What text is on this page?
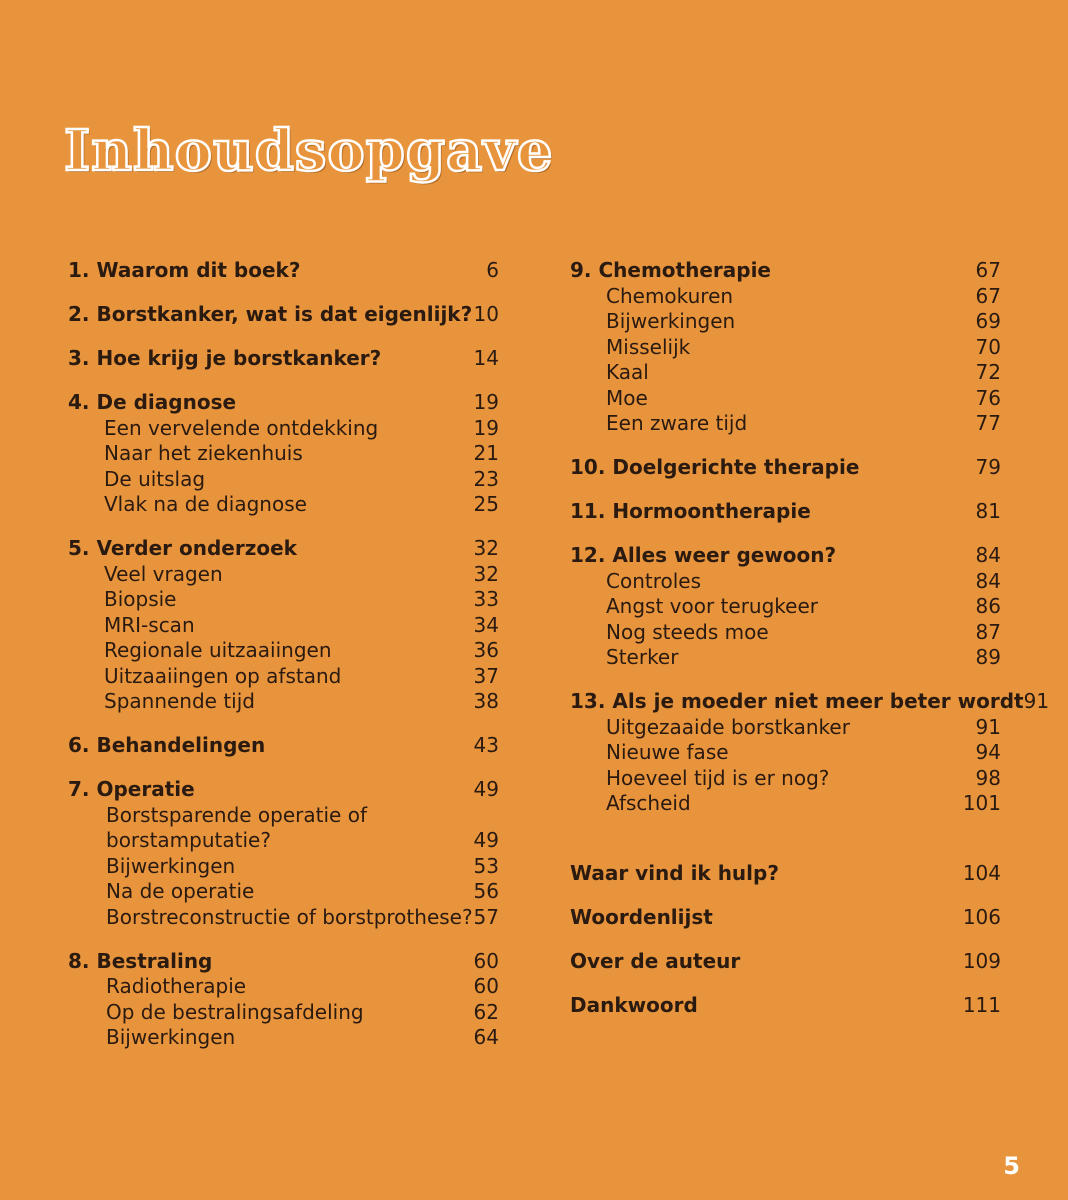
Inhoudsopgave
1. Waarom dit boek?	6
2. Borstkanker, wat is dat eigenlijk? 10
3. Hoe krijg je borstkanker?	14
4. De diagnose	19
Een vervelende ontdekking	19
Naar het ziekenhuis	21
De uitslag	23
Vlak na de diagnose	25
5. Verder onderzoek	32
Veel vragen	32
Biopsie	33
MRI-scan	34
Regionale uitzaaiingen	36
Uitzaaiingen op afstand	37
Spannende tijd	38
6. Behandelingen	43
7. Operatie	49
Borstsparende operatie of
borstamputatie?	49
Bijwerkingen	53
Na de operatie	56
Borstreconstructie of borstprothese? 57
8. Bestraling	60
Radiotherapie	60
Op de bestralingsafdeling	62
Bijwerkingen	64
9. Chemotherapie	67
Chemokuren	67
Bijwerkingen	69
Misselijk	70
Kaal	72
Moe	76
Een zware tijd	77
10. Doelgerichte therapie	79
11. Hormoontherapie	81
12. Alles weer gewoon?	84
Controles	84
Angst voor terugkeer	86
Nog steeds moe	87
Sterker	89
13. Als je moeder niet meer beter wordt 91
Uitgezaaide borstkanker	91
Nieuwe fase	94
Hoeveel tijd is er nog?	98
Afscheid	101
Waar vind ik hulp?	104
Woordenlijst	106
Over de auteur	109
Dankwoord	111
5
